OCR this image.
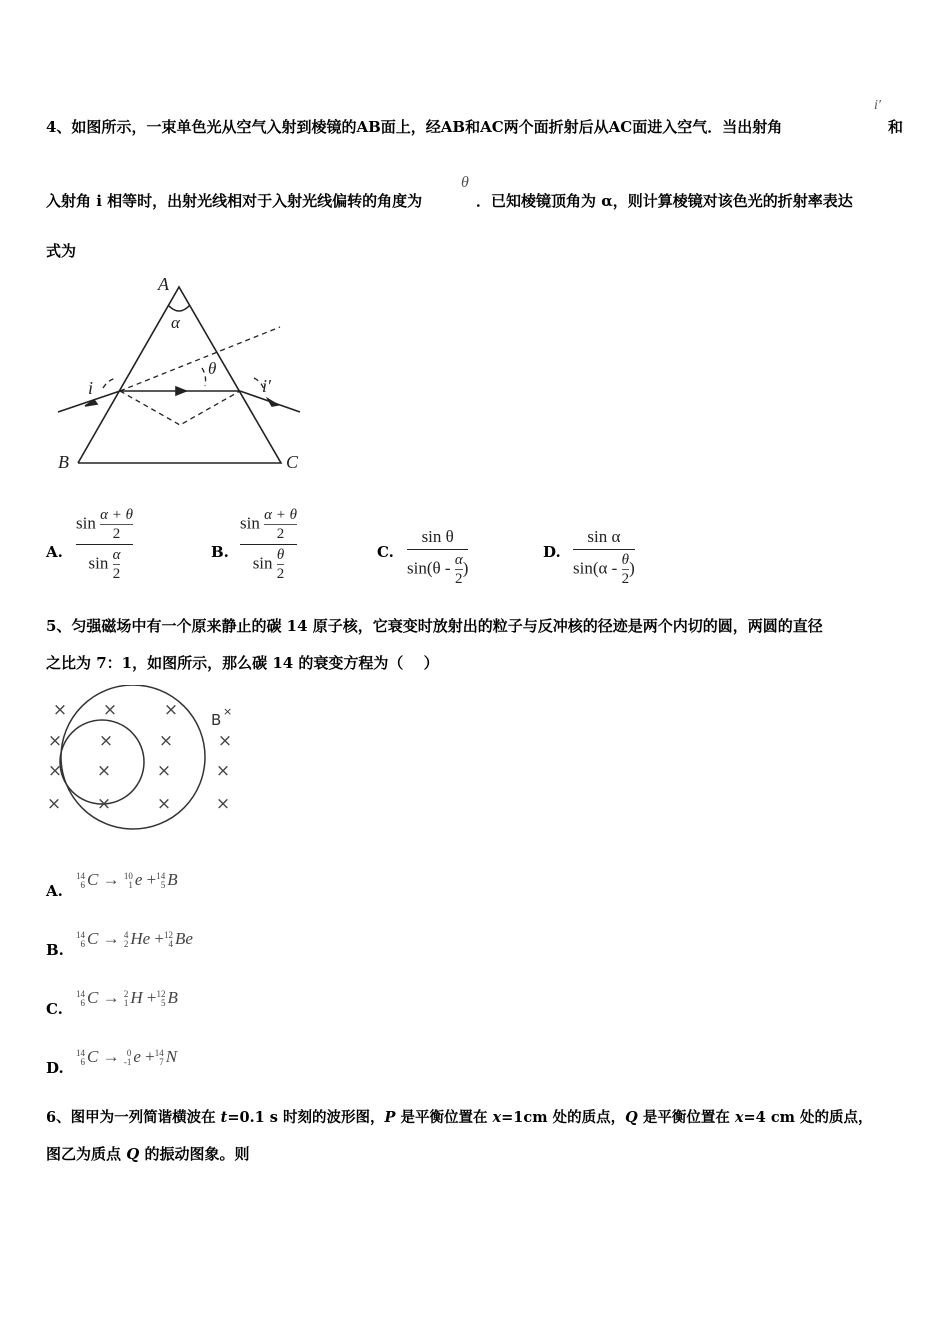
4、如图所示，一束单色光从空气入射到棱镜的AB面上，经AB和AC两个面折射后从AC面进入空气．当出射角
i′
和
入射角 i 相等时，出射光线相对于入射光线偏转的角度为
θ
．已知棱镜顶角为 α，则计算棱镜对该色光的折射率表达
式为
A
B	C
α
θ
i	i′
A.
$\sin \frac{\alpha + \theta}{2}$
$\sin \frac{\alpha}{2}$	B.
$\sin \frac{\alpha + \theta}{2}$
$\sin \frac{\theta}{2}$	C.
sin θ
$\sin(\theta - \frac{\alpha}{2}$ )
D.
sin α
$\sin(\alpha - \frac{\theta}{2}$ )
5、匀强磁场中有一个原来静止的碳 14 原子核，它衰变时放射出的粒子与反冲核的径迹是两个内切的圆，两圆的直径
之比为 7：1，如图所示，那么碳 14 的衰变方程为（　 ）
× ×	×
× ×	×	×
× ×	×	×
× ×	×	×
B ×
A.
14
6 C → 10
1 e +14
5 B
B.
14
6 C → 4
2 He +12
4 Be
C.
14
6 C → 2
1 H +12
5 B
D.
14
6 C → 0
-1 e +14
7 N
6、图甲为一列简谐横波在 t=0.1 s 时刻的波形图，P 是平衡位置在 x=1cm 处的质点，Q 是平衡位置在 x=4 cm 处的质点，
图乙为质点 Q 的振动图象。则
